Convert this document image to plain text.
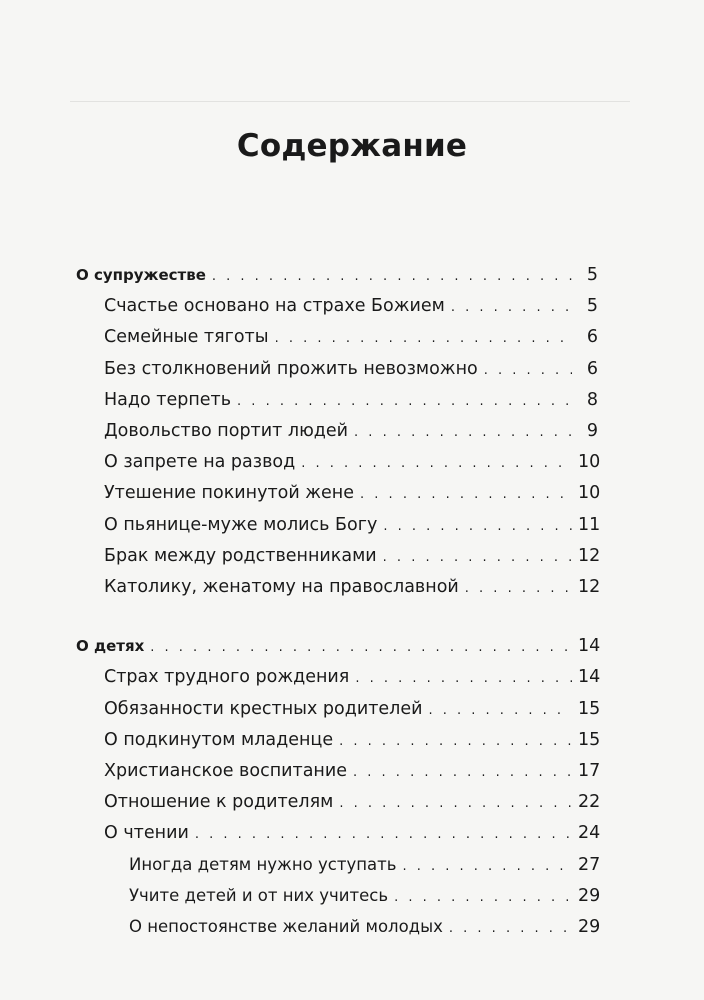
Содержание
О супружестве . . .	5
Счастье основано на страхе Божием . . .	5
Семейные тяготы . . .	6
Без столкновений прожить невозможно . . .	6
Надо терпеть . . .	8
Довольство портит людей . . .	9
О запрете на развод . . .	10
Утешение покинутой жене . . .	10
О пьянице-муже молись Богу . . .	11
Брак между родственниками . . .	12
Католику, женатому на православной . . .	12
О детях . . .	14
Страх трудного рождения . . .	14
Обязанности крестных родителей . . .	15
О подкинутом младенце . . .	15
Христианское воспитание . . .	17
Отношение к родителям . . .	22
О чтении . . .	24
Иногда детям нужно уступать . . .	27
Учите детей и от них учитесь . . .	29
О непостоянстве желаний молодых . . .	29
